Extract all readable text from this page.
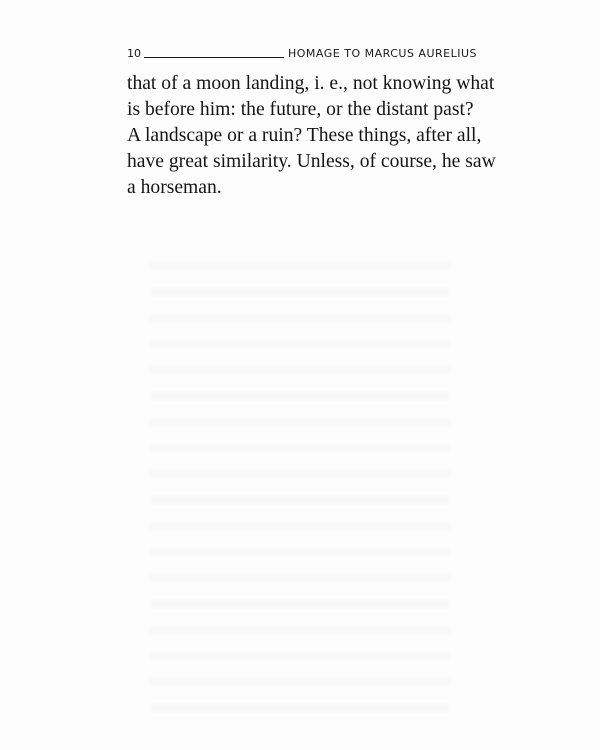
10	HOMAGE TO MARCUS AURELIUS

that of a moon landing, i. e., not knowing what
is before him: the future, or the distant past?
A landscape or a ruin? These things, after all,
have great similarity. Unless, of course, he saw
a horseman.
